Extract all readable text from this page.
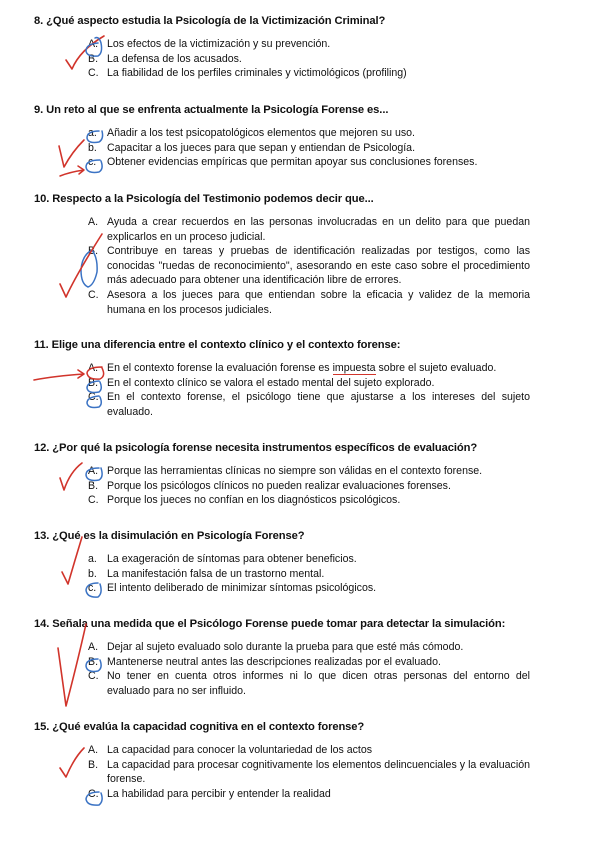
8. ¿Qué aspecto estudia la Psicología de la Victimización Criminal?

A. Los efectos de la victimización y su prevención.
B. La defensa de los acusados.
C. La fiabilidad de los perfiles criminales y victimológicos (profiling)

9. Un reto al que se enfrenta actualmente la Psicología Forense es...

a. Añadir a los test psicopatológicos elementos que mejoren su uso.
b. Capacitar a los jueces para que sepan y entiendan de Psicología.
c. Obtener evidencias empíricas que permitan apoyar sus conclusiones forenses.

10. Respecto a la Psicología del Testimonio podemos decir que...

A. Ayuda a crear recuerdos en las personas involucradas en un delito para que puedan explicarlos en un proceso judicial.
B. Contribuye en tareas y pruebas de identificación realizadas por testigos, como las conocidas "ruedas de reconocimiento", asesorando en este caso sobre el procedimiento más adecuado para obtener una identificación libre de errores.
C. Asesora a los jueces para que entiendan sobre la eficacia y validez de la memoria humana en los procesos judiciales.

11. Elige una diferencia entre el contexto clínico y el contexto forense:

A. En el contexto forense la evaluación forense es impuesta sobre el sujeto evaluado.
B. En el contexto clínico se valora el estado mental del sujeto explorado.
C. En el contexto forense, el psicólogo tiene que ajustarse a los intereses del sujeto evaluado.

12. ¿Por qué la psicología forense necesita instrumentos específicos de evaluación?

A. Porque las herramientas clínicas no siempre son válidas en el contexto forense.
B. Porque los psicólogos clínicos no pueden realizar evaluaciones forenses.
C. Porque los jueces no confían en los diagnósticos psicológicos.

13. ¿Qué es la disimulación en Psicología Forense?

a. La exageración de síntomas para obtener beneficios.
b. La manifestación falsa de un trastorno mental.
c. El intento deliberado de minimizar síntomas psicológicos.

14. Señala una medida que el Psicólogo Forense puede tomar para detectar la simulación:

A. Dejar al sujeto evaluado solo durante la prueba para que esté más cómodo.
B. Mantenerse neutral antes las descripciones realizadas por el evaluado.
C. No tener en cuenta otros informes ni lo que dicen otras personas del entorno del evaluado para no ser influido.

15. ¿Qué evalúa la capacidad cognitiva en el contexto forense?

A. La capacidad para conocer la voluntariedad de los actos
B. La capacidad para procesar cognitivamente los elementos delincuenciales y la evaluación forense.
C. La habilidad para percibir y entender la realidad
